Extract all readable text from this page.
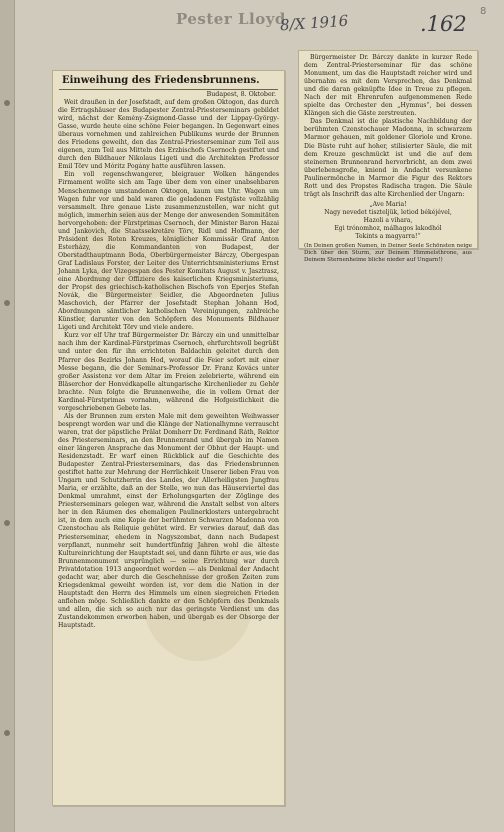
Pester Lloyd
8/X 1916	.162
8
Einweihung des Friedensbrunnens.
Budapest, 8. Oktober.

Weit draußen in der Josefstadt, auf dem großen Oktogon, das durch die Ertragshäuser des Budapester Zentral-Priesterseminars gebildet wird, nächst der Kemény-Zsigmond-Gasse und der Lippay-György-Gasse, wurde heute eine schöne Feier begangen. In Gegenwart eines überaus vornehmen und zahlreichen Publikums wurde der Brunnen des Friedens geweiht, den das Zentral-Priesterseminar zum Teil aus eigenen, zum Teil aus Mitteln des Erzbischofs Csernoch gestiftet und durch den Bildhauer Nikolaus Ligeti und die Architekten Professor Emil Törv und Móritz Pogány hatte ausführen lassen.

Ein voll regenschwangerer, bleigrauer Wolken hängendes Firmament wollte sich am Tage über dem von einer unabsehbaren Menschenmenge umstandenen Oktogon, kaum um Uhr. Wagen um Wagen fuhr vor und bald waren die geladenen Festgäste vollzählig versammelt. Ihre genaue Liste zusammenzustellen, war nicht gut möglich, immerhin seien aus der Menge der anwesenden Sommitäten hervorgehoben: der Fürstprimas Csernoch, der Minister Baron Hazai und Jankovich, die Staatssekretäre Törv, Ridl und Hoffmann, der Präsident des Roten Kreuzes, königlicher Kommissär Graf Anton Esterházy, die Kommandanten von Budapest, der Oberstadthauptmann Boda, Oberbürgermeister Bárczy, Obergespan Graf Ladislaus Forster, der Leiter des Unterrichtsministeriums Ernst Johann Lyka, der Vizegespan des Pester Komitats August v. Jasztrasz, eine Abordnung der Offiziere des kaiserlichen Kriegsministeriums, der Propst des griechisch-katholischen Bischofs von Eperjes Stefan Novák, die Bürgermeister Seidler, die Abgeordneten Julius Maschovich, der Pfarrer der Josefstadt Stephan Johann Hod, Abordnungen sämtlicher katholischen Vereinigungen, zahlreiche Künstler, darunter von den Schöpfern des Monuments Bildhauer Ligeti und Architekt Törv und viele andere.

Kurz vor elf Uhr traf Bürgermeister Dr. Bárczy ein und unmittelbar nach ihm der Kardinal-Fürstprimas Csernoch, ehrfurchtsvoll begrüßt und unter den für ihn errichteten Baldachin geleitet durch den Pfarrer des Bezirks Johann Hod, worauf die Feier sofort mit einer Messe begann, die der Seminars-Professor Dr. Franz Kovács unter großer Assistenz vor dem Altar im Freien zelebrierte, während ein Bläserchor der Honvédkapelle altungarische Kirchenlieder zu Gehör brachte. Nun folgte die Brunnenweihe, die in vollem Ornat der Kardinal-Fürstprimas vornahm, während die Hofgeistlichkeit die vorgeschriebenen Gebete las.

Als der Brunnen zum ersten Male mit dem geweihten Weihwasser besprengt worden war und die Klänge der Nationalhymne verrauscht waren, trat der päpstliche Prälat Domherr Dr. Ferdinand Ráth, Rektor des Priesterseminars, an den Brunnenrand und übergab im Namen einer längeren Ansprache das Monument der Obhut der Haupt- und Residenzstadt. Er warf einen Rückblick auf die Geschichte des Budapester Zentral-Priesterseminars, das das Friedensbrunnen gestiftet hatte zur Mehrung der Herrlichkeit Unserer lieben Frau von Ungarn und Schutzherrin des Landes, der Allerheiligsten Jungfrau Maria, er erzählte, daß an der Stelle, wo nun das Häuserviertel das Denkmal umrahmt, einst der Erholungsgarten der Zöglinge des Priesterseminars gelegen war, während die Anstalt selbst von alters her in den Räumen des ehemaligen Paulinerklosters untergebracht ist, in dem auch eine Kopie der berühmten Schwarzen Madonna von Czenstochau als Reliquie gehütet wird. Er verwies darauf, daß das Priesterseminar, ehedem in Nagyszombat, dann nach Budapest verpflanzt, nunmehr seit hundertfünfzig Jahren wohl die älteste Kultureinrichtung der Hauptstadt sei, und dann führte er aus, wie das Brunnenmonument ursprünglich — seine Errichtung war durch Privatdotation 1913 angeordnet worden — als Denkmal der Andacht gedacht war, aber durch die Geschehnisse der großen Zeiten zum Kriegsdenkmal geweiht worden ist, vor dem die Nation in der Hauptstadt den Herrn des Himmels um einen siegreichen Frieden anflehen möge. Schließlich dankte er den Schöpfern des Denkmals und allen, die sich so auch nur das geringste Verdienst um das Zustandekommen erworben haben, und übergab es der Obsorge der Hauptstadt.

Bürgermeister Dr. Bárczy dankte in kurzer Rede dem Zentral-Priesterseminar für das schöne Monument, um das die Hauptstadt reicher wird und übernahm es mit dem Versprechen, das Denkmal und die daran geknüpfte Idee in Treue zu pflegen. Nach der mit Ehrenrufen aufgenommenen Rede spielte das Orchester den „Hymnus“, bei dessen Klängen sich die Gäste zerstreuten.

Das Denkmal ist die plastische Nachbildung der berühmten Czenstochauer Madonna, in schwarzem Marmor gehauen, mit goldener Gloriole und Krone. Die Büste ruht auf hoher, stilisierter Säule, die mit dem Kreuze geschmückt ist und die auf dem steinernen Brunnenrand hervorbricht, an dem zwei überlebensgroße, kniend in Andacht versunkene Paulinermönche in Marmor die Figur des Rektors Rott und des Propstes Radischa tragen. Die Säule trägt als Inschrift das alte Kirchenlied der Ungarn:

„Ave Maria!
Nagy nevedet tiszteljük, letiod békéjével,
Hazoli a vihara,
Egi trónomhoz, málhagos lakodhól
Tekints a magyarra!“
(In Deinen großen Namen, in Deiner Seele Schönsten neige Dich über den Sturm, zur Deinem Himmelsthrone, aus Deinem Sternenheime bliche nieder auf Ungarn!)
